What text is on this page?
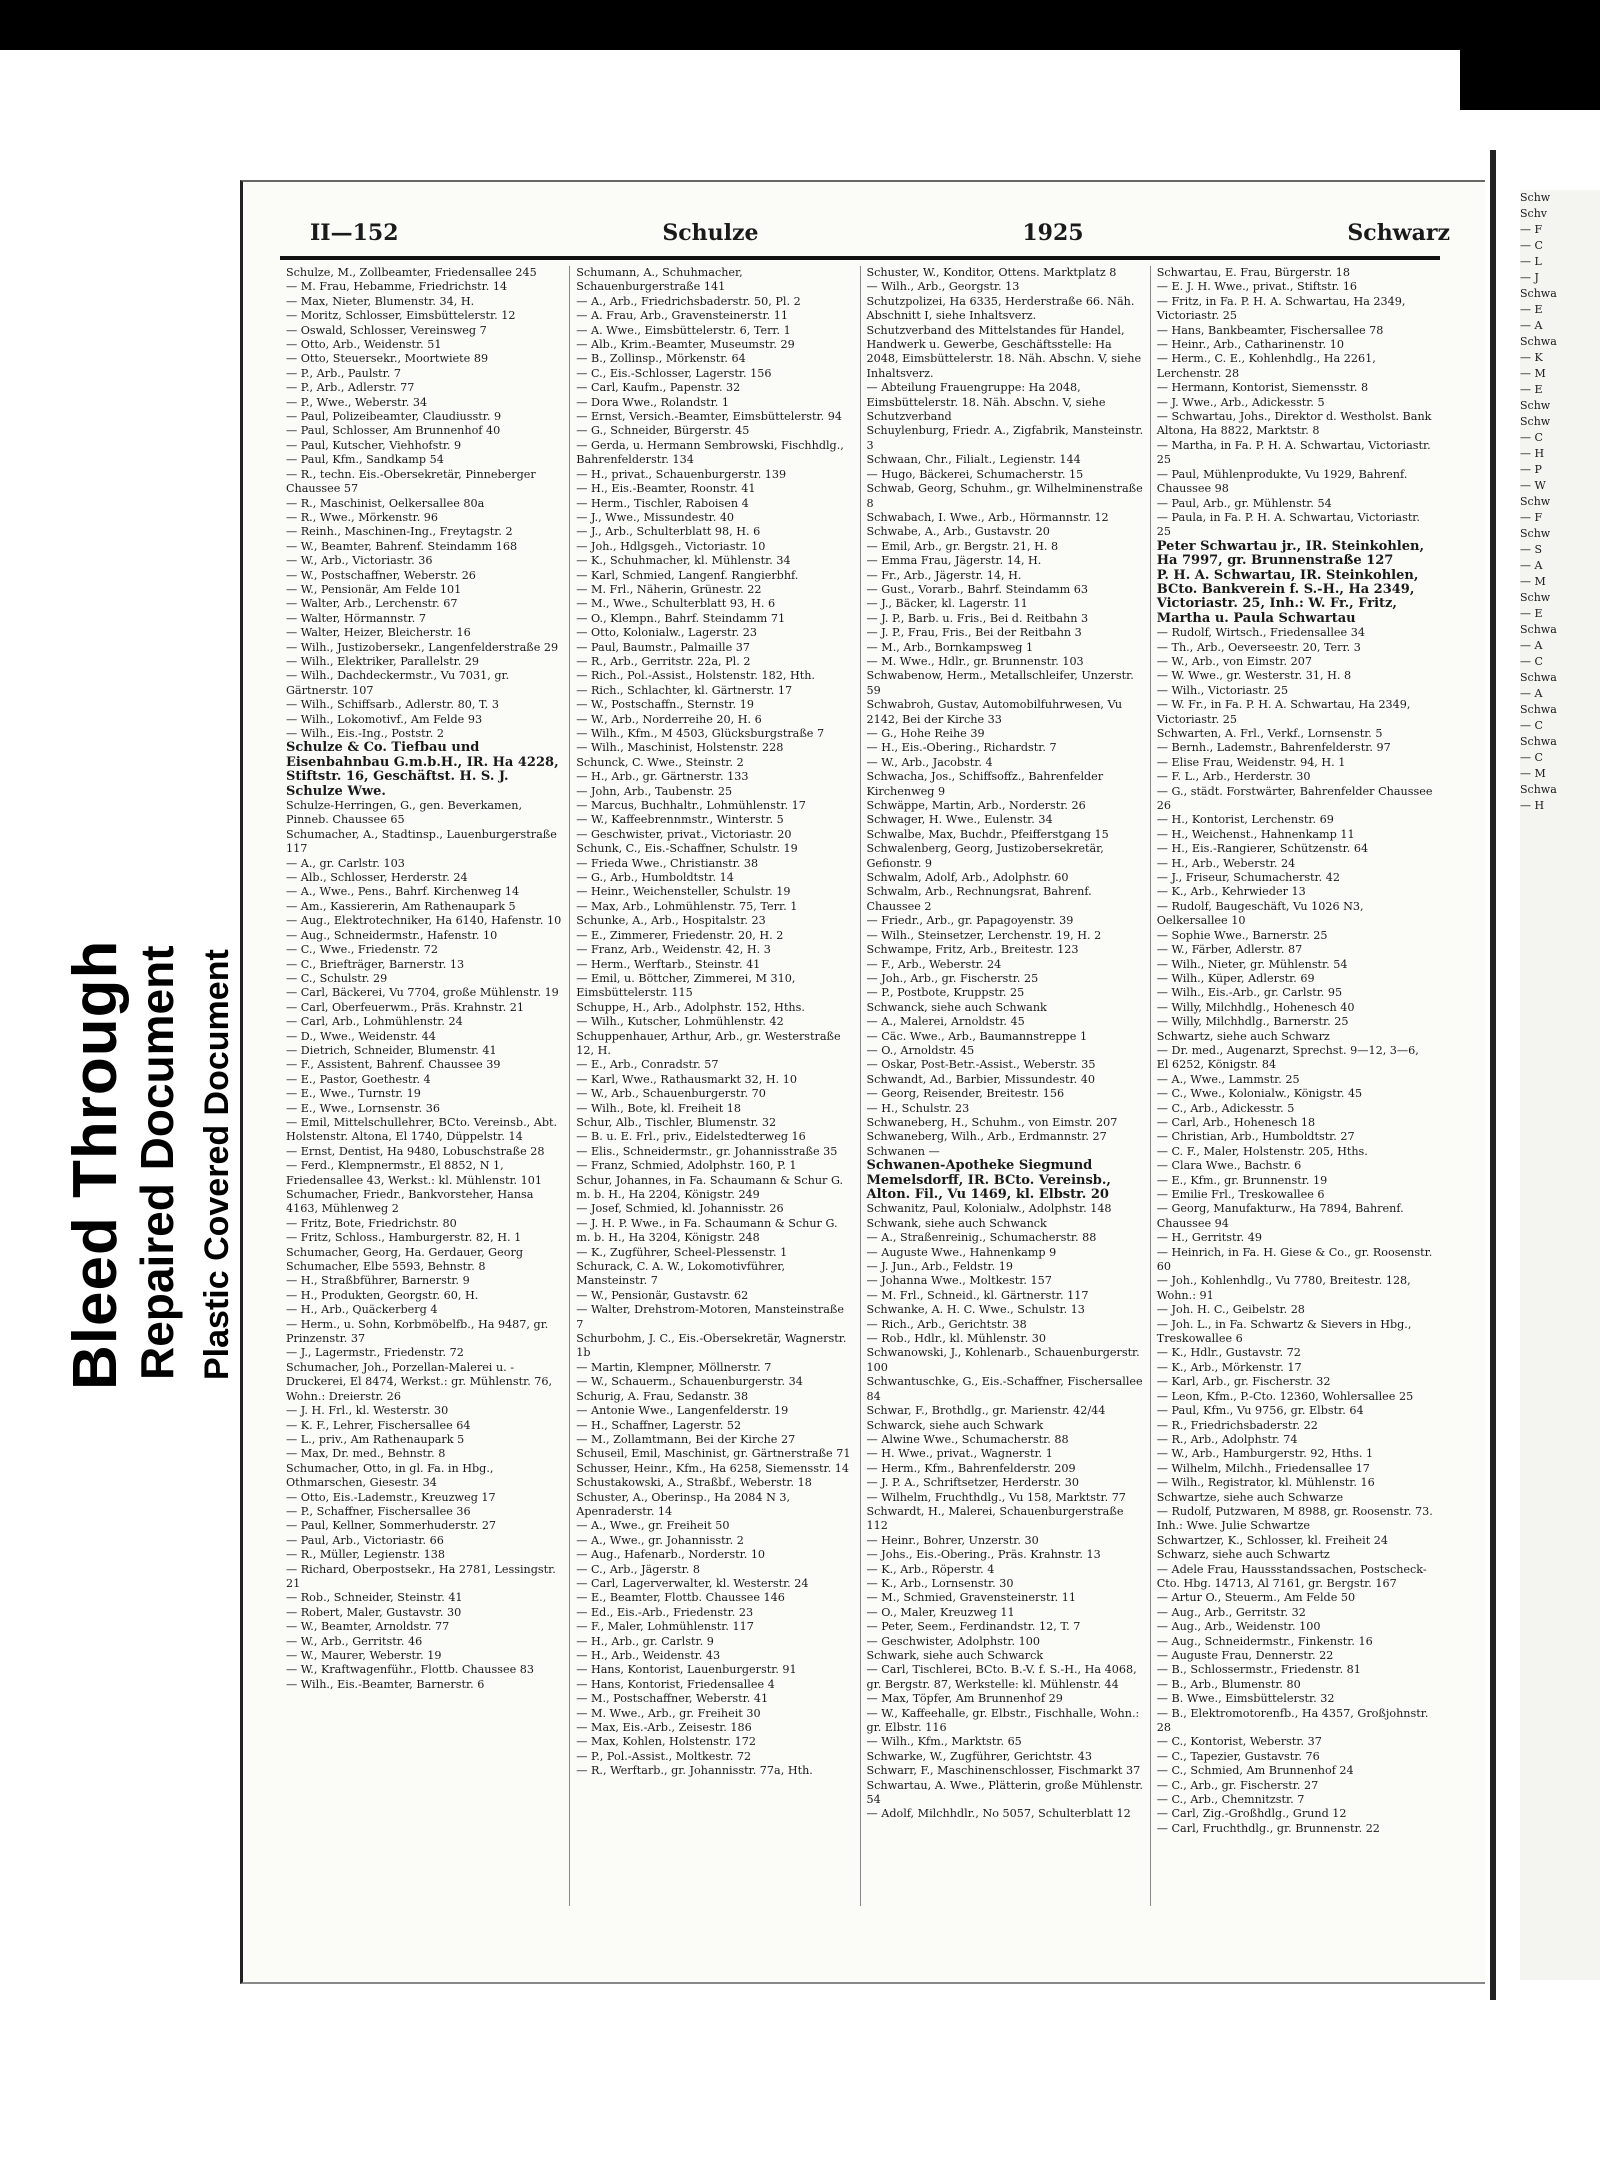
Bleed Through Repaired Document Plastic Covered Document
Schw
Schv
— F
— C
— L
— J
Schwa
— E
— A
Schwa
— K
— M
— E
Schw
Schw
— C
— H
— P
— W
Schw
— F
Schw
— S
— A
— M
Schw
— E
Schwa
— A
— C
Schwa
— A
Schwa
— C
Schwa
— C
— M
Schwa
— H
II—152	Schulze	1925	Schwarz
Schulze, M., Zollbeamter, Friedensallee 245
— M. Frau, Hebamme, Friedrichstr. 14
— Max, Nieter, Blumenstr. 34, H.
— Moritz, Schlosser, Eimsbüttelerstr. 12
— Oswald, Schlosser, Vereinsweg 7
— Otto, Arb., Weidenstr. 51
— Otto, Steuersekr., Moortwiete 89
— P., Arb., Paulstr. 7
— P., Arb., Adlerstr. 77
— P., Wwe., Weberstr. 34
— Paul, Polizeibeamter, Claudiusstr. 9
— Paul, Schlosser, Am Brunnenhof 40
— Paul, Kutscher, Viehhofstr. 9
— Paul, Kfm., Sandkamp 54
— R., techn. Eis.-Obersekretär, Pinneberger Chaussee 57
— R., Maschinist, Oelkersallee 80a
— R., Wwe., Mörkenstr. 96
— Reinh., Maschinen-Ing., Freytagstr. 2
— W., Beamter, Bahrenf. Steindamm 168
— W., Arb., Victoriastr. 36
— W., Postschaffner, Weberstr. 26
— W., Pensionär, Am Felde 101
— Walter, Arb., Lerchenstr. 67
— Walter, Hörmannstr. 7
— Walter, Heizer, Bleicherstr. 16
— Wilh., Justizobersekr., Langenfelderstraße 29
— Wilh., Elektriker, Parallelstr. 29
— Wilh., Dachdeckermstr., Vu 7031, gr. Gärtnerstr. 107
— Wilh., Schiffsarb., Adlerstr. 80, T. 3
— Wilh., Lokomotivf., Am Felde 93
— Wilh., Eis.-Ing., Poststr. 2
Schulze & Co. Tiefbau und Eisenbahnbau G.m.b.H., IR. Ha 4228, Stiftstr. 16, Geschäftst. H. S. J. Schulze Wwe.
Schulze-Herringen, G., gen. Beverkamen, Pinneb. Chaussee 65
Schumacher, A., Stadtinsp., Lauenburgerstraße 117
— A., gr. Carlstr. 103
— Alb., Schlosser, Herderstr. 24
— A., Wwe., Pens., Bahrf. Kirchenweg 14
— Am., Kassiererin, Am Rathenaupark 5
— Aug., Elektrotechniker, Ha 6140, Hafenstr. 10
— Aug., Schneidermstr., Hafenstr. 10
— C., Wwe., Friedenstr. 72
— C., Briefträger, Barnerstr. 13
— C., Schulstr. 29
— Carl, Bäckerei, Vu 7704, große Mühlenstr. 19
— Carl, Oberfeuerwm., Präs. Krahnstr. 21
— Carl, Arb., Lohmühlenstr. 24
— D., Wwe., Weidenstr. 44
— Dietrich, Schneider, Blumenstr. 41
— F., Assistent, Bahrenf. Chaussee 39
— E., Pastor, Goethestr. 4
— E., Wwe., Turnstr. 19
— E., Wwe., Lornsenstr. 36
— Emil, Mittelschullehrer, BCto. Vereinsb., Abt. Holstenstr. Altona, El 1740, Düppelstr. 14
— Ernst, Dentist, Ha 9480, Lobuschstraße 28
— Ferd., Klempnermstr., El 8852, N 1, Friedensallee 43, Werkst.: kl. Mühlenstr. 101
Schumacher, Friedr., Bankvorsteher, Hansa 4163, Mühlenweg 2
— Fritz, Bote, Friedrichstr. 80
— Fritz, Schloss., Hamburgerstr. 82, H. 1
Schumacher, Georg, Ha. Gerdauer, Georg Schumacher, Elbe 5593, Behnstr. 8
— H., Straßbführer, Barnerstr. 9
— H., Produkten, Georgstr. 60, H.
— H., Arb., Quäckerberg 4
— Herm., u. Sohn, Korbmöbelfb., Ha 9487, gr. Prinzenstr. 37
— J., Lagermstr., Friedenstr. 72
Schumacher, Joh., Porzellan-Malerei u. -Druckerei, El 8474, Werkst.: gr. Mühlenstr. 76, Wohn.: Dreierstr. 26
— J. H. Frl., kl. Westerstr. 30
— K. F., Lehrer, Fischersallee 64
— L., priv., Am Rathenaupark 5
— Max, Dr. med., Behnstr. 8
Schumacher, Otto, in gl. Fa. in Hbg., Othmarschen, Giesestr. 34
— Otto, Eis.-Lademstr., Kreuzweg 17
— P., Schaffner, Fischersallee 36
— Paul, Kellner, Sommerhuderstr. 27
— Paul, Arb., Victoriastr. 66
— R., Müller, Legienstr. 138
— Richard, Oberpostsekr., Ha 2781, Lessingstr. 21
— Rob., Schneider, Steinstr. 41
— Robert, Maler, Gustavstr. 30
— W., Beamter, Arnoldstr. 77
— W., Arb., Gerritstr. 46
— W., Maurer, Weberstr. 19
— W., Kraftwagenführ., Flottb. Chaussee 83
— Wilh., Eis.-Beamter, Barnerstr. 6
Schumann, A., Schuhmacher, Schauenburgerstraße 141
— A., Arb., Friedrichsbaderstr. 50, Pl. 2
— A. Frau, Arb., Gravensteinerstr. 11
— A. Wwe., Eimsbüttelerstr. 6, Terr. 1
— Alb., Krim.-Beamter, Museumstr. 29
— B., Zollinsp., Mörkenstr. 64
— C., Eis.-Schlosser, Lagerstr. 156
— Carl, Kaufm., Papenstr. 32
— Dora Wwe., Rolandstr. 1
— Ernst, Versich.-Beamter, Eimsbüttelerstr. 94
— G., Schneider, Bürgerstr. 45
— Gerda, u. Hermann Sembrowski, Fischhdlg., Bahrenfelderstr. 134
— H., privat., Schauenburgerstr. 139
— H., Eis.-Beamter, Roonstr. 41
— Herm., Tischler, Raboisen 4
— J., Wwe., Missundestr. 40
— J., Arb., Schulterblatt 98, H. 6
— Joh., Hdlgsgeh., Victoriastr. 10
— K., Schuhmacher, kl. Mühlenstr. 34
— Karl, Schmied, Langenf. Rangierbhf.
— M. Frl., Näherin, Grünestr. 22
— M., Wwe., Schulterblatt 93, H. 6
— O., Klempn., Bahrf. Steindamm 71
— Otto, Kolonialw., Lagerstr. 23
— Paul, Baumstr., Palmaille 37
— R., Arb., Gerritstr. 22a, Pl. 2
— Rich., Pol.-Assist., Holstenstr. 182, Hth.
— Rich., Schlachter, kl. Gärtnerstr. 17
— W., Postschaffn., Sternstr. 19
— W., Arb., Norderreihe 20, H. 6
— Wilh., Kfm., M 4503, Glücksburgstraße 7
— Wilh., Maschinist, Holstenstr. 228
Schunck, C. Wwe., Steinstr. 2
— H., Arb., gr. Gärtnerstr. 133
— John, Arb., Taubenstr. 25
— Marcus, Buchhaltr., Lohmühlenstr. 17
— W., Kaffeebrennmstr., Winterstr. 5
— Geschwister, privat., Victoriastr. 20
Schunk, C., Eis.-Schaffner, Schulstr. 19
— Frieda Wwe., Christianstr. 38
— G., Arb., Humboldtstr. 14
— Heinr., Weichensteller, Schulstr. 19
— Max, Arb., Lohmühlenstr. 75, Terr. 1
Schunke, A., Arb., Hospitalstr. 23
— E., Zimmerer, Friedenstr. 20, H. 2
— Franz, Arb., Weidenstr. 42, H. 3
— Herm., Werftarb., Steinstr. 41
— Emil, u. Böttcher, Zimmerei, M 310, Eimsbüttelerstr. 115
Schuppe, H., Arb., Adolphstr. 152, Hths.
— Wilh., Kutscher, Lohmühlenstr. 42
Schuppenhauer, Arthur, Arb., gr. Westerstraße 12, H.
— E., Arb., Conradstr. 57
— Karl, Wwe., Rathausmarkt 32, H. 10
— W., Arb., Schauenburgerstr. 70
— Wilh., Bote, kl. Freiheit 18
Schur, Alb., Tischler, Blumenstr. 32
— B. u. E. Frl., priv., Eidelstedterweg 16
— Elis., Schneidermstr., gr. Johannisstraße 35
— Franz, Schmied, Adolphstr. 160, P. 1
Schur, Johannes, in Fa. Schaumann & Schur G. m. b. H., Ha 2204, Königstr. 249
— Josef, Schmied, kl. Johannisstr. 26
— J. H. P. Wwe., in Fa. Schaumann & Schur G. m. b. H., Ha 3204, Königstr. 248
— K., Zugführer, Scheel-Plessenstr. 1
Schurack, C. A. W., Lokomotivführer, Mansteinstr. 7
— W., Pensionär, Gustavstr. 62
— Walter, Drehstrom-Motoren, Mansteinstraße 7
Schurbohm, J. C., Eis.-Obersekretär, Wagnerstr. 1b
— Martin, Klempner, Möllnerstr. 7
— W., Schauerm., Schauenburgerstr. 34
Schurig, A. Frau, Sedanstr. 38
— Antonie Wwe., Langenfelderstr. 19
— H., Schaffner, Lagerstr. 52
— M., Zollamtmann, Bei der Kirche 27
Schuseil, Emil, Maschinist, gr. Gärtnerstraße 71
Schusser, Heinr., Kfm., Ha 6258, Siemensstr. 14
Schustakowski, A., Straßbf., Weberstr. 18
Schuster, A., Oberinsp., Ha 2084 N 3, Apenraderstr. 14
— A., Wwe., gr. Freiheit 50
— A., Wwe., gr. Johannisstr. 2
— Aug., Hafenarb., Norderstr. 10
— C., Arb., Jägerstr. 8
— Carl, Lagerverwalter, kl. Westerstr. 24
— E., Beamter, Flottb. Chaussee 146
— Ed., Eis.-Arb., Friedenstr. 23
— F., Maler, Lohmühlenstr. 117
— H., Arb., gr. Carlstr. 9
— H., Arb., Weidenstr. 43
— Hans, Kontorist, Lauenburgerstr. 91
— Hans, Kontorist, Friedensallee 4
— M., Postschaffner, Weberstr. 41
— M. Wwe., Arb., gr. Freiheit 30
— Max, Eis.-Arb., Zeisestr. 186
— Max, Kohlen, Holstenstr. 172
— P., Pol.-Assist., Moltkestr. 72
— R., Werftarb., gr. Johannisstr. 77a, Hth.
Schuster, W., Konditor, Ottens. Marktplatz 8
— Wilh., Arb., Georgstr. 13
Schutzpolizei, Ha 6335, Herderstraße 66. Näh. Abschnitt I, siehe Inhaltsverz.
Schutzverband des Mittelstandes für Handel, Handwerk u. Gewerbe, Geschäftsstelle: Ha 2048, Eimsbüttelerstr. 18. Näh. Abschn. V, siehe Inhaltsverz.
— Abteilung Frauengruppe: Ha 2048, Eimsbüttelerstr. 18. Näh. Abschn. V, siehe Schutzverband
Schuylenburg, Friedr. A., Zigfabrik, Mansteinstr. 3
Schwaan, Chr., Filialt., Legienstr. 144
— Hugo, Bäckerei, Schumacherstr. 15
Schwab, Georg, Schuhm., gr. Wilhelminenstraße 8
Schwabach, I. Wwe., Arb., Hörmannstr. 12
Schwabe, A., Arb., Gustavstr. 20
— Emil, Arb., gr. Bergstr. 21, H. 8
— Emma Frau, Jägerstr. 14, H.
— Fr., Arb., Jägerstr. 14, H.
— Gust., Vorarb., Bahrf. Steindamm 63
— J., Bäcker, kl. Lagerstr. 11
— J. P., Barb. u. Fris., Bei d. Reitbahn 3
— J. P., Frau, Fris., Bei der Reitbahn 3
— M., Arb., Bornkampsweg 1
— M. Wwe., Hdlr., gr. Brunnenstr. 103
Schwabenow, Herm., Metallschleifer, Unzerstr. 59
Schwabroh, Gustav, Automobilfuhrwesen, Vu 2142, Bei der Kirche 33
— G., Hohe Reihe 39
— H., Eis.-Obering., Richardstr. 7
— W., Arb., Jacobstr. 4
Schwacha, Jos., Schiffsoffz., Bahrenfelder Kirchenweg 9
Schwäppe, Martin, Arb., Norderstr. 26
Schwager, H. Wwe., Eulenstr. 34
Schwalbe, Max, Buchdr., Pfeifferstgang 15
Schwalenberg, Georg, Justizobersekretär, Gefionstr. 9
Schwalm, Adolf, Arb., Adolphstr. 60
Schwalm, Arb., Rechnungsrat, Bahrenf. Chaussee 2
— Friedr., Arb., gr. Papagoyenstr. 39
— Wilh., Steinsetzer, Lerchenstr. 19, H. 2
Schwampe, Fritz, Arb., Breitestr. 123
— F., Arb., Weberstr. 24
— Joh., Arb., gr. Fischerstr. 25
— P., Postbote, Kruppstr. 25
Schwanck, siehe auch Schwank
— A., Malerei, Arnoldstr. 45
— Cäc. Wwe., Arb., Baumannstreppe 1
— O., Arnoldstr. 45
— Oskar, Post-Betr.-Assist., Weberstr. 35
Schwandt, Ad., Barbier, Missundestr. 40
— Georg, Reisender, Breitestr. 156
— H., Schulstr. 23
Schwaneberg, H., Schuhm., von Eimstr. 207
Schwaneberg, Wilh., Arb., Erdmannstr. 27
Schwanen —
Schwanen-Apotheke Siegmund Memelsdorff, IR. BCto. Vereinsb., Alton. Fil., Vu 1469, kl. Elbstr. 20
Schwanitz, Paul, Kolonialw., Adolphstr. 148
Schwank, siehe auch Schwanck
— A., Straßenreinig., Schumacherstr. 88
— Auguste Wwe., Hahnenkamp 9
— J. Jun., Arb., Feldstr. 19
— Johanna Wwe., Moltkestr. 157
— M. Frl., Schneid., kl. Gärtnerstr. 117
Schwanke, A. H. C. Wwe., Schulstr. 13
— Rich., Arb., Gerichtstr. 38
— Rob., Hdlr., kl. Mühlenstr. 30
Schwanowski, J., Kohlenarb., Schauenburgerstr. 100
Schwantuschke, G., Eis.-Schaffner, Fischersallee 84
Schwar, F., Brothdlg., gr. Marienstr. 42/44
Schwarck, siehe auch Schwark
— Alwine Wwe., Schumacherstr. 88
— H. Wwe., privat., Wagnerstr. 1
— Herm., Kfm., Bahrenfelderstr. 209
— J. P. A., Schriftsetzer, Herderstr. 30
— Wilhelm, Fruchthdlg., Vu 158, Marktstr. 77
Schwardt, H., Malerei, Schauenburgerstraße 112
— Heinr., Bohrer, Unzerstr. 30
— Johs., Eis.-Obering., Präs. Krahnstr. 13
— K., Arb., Röperstr. 4
— K., Arb., Lornsenstr. 30
— M., Schmied, Gravensteinerstr. 11
— O., Maler, Kreuzweg 11
— Peter, Seem., Ferdinandstr. 12, T. 7
— Geschwister, Adolphstr. 100
Schwark, siehe auch Schwarck
— Carl, Tischlerei, BCto. B.-V. f. S.-H., Ha 4068, gr. Bergstr. 87, Werkstelle: kl. Mühlenstr. 44
— Max, Töpfer, Am Brunnenhof 29
— W., Kaffeehalle, gr. Elbstr., Fischhalle, Wohn.: gr. Elbstr. 116
— Wilh., Kfm., Marktstr. 65
Schwarke, W., Zugführer, Gerichtstr. 43
Schwarr, F., Maschinenschlosser, Fischmarkt 37
Schwartau, A. Wwe., Plätterin, große Mühlenstr. 54
— Adolf, Milchhdlr., No 5057, Schulterblatt 12
Schwartau, E. Frau, Bürgerstr. 18
— E. J. H. Wwe., privat., Stiftstr. 16
— Fritz, in Fa. P. H. A. Schwartau, Ha 2349, Victoriastr. 25
— Hans, Bankbeamter, Fischersallee 78
— Heinr., Arb., Catharinenstr. 10
— Herm., C. E., Kohlenhdlg., Ha 2261, Lerchenstr. 28
— Hermann, Kontorist, Siemensstr. 8
— J. Wwe., Arb., Adickesstr. 5
— Schwartau, Johs., Direktor d. Westholst. Bank Altona, Ha 8822, Marktstr. 8
— Martha, in Fa. P. H. A. Schwartau, Victoriastr. 25
— Paul, Mühlenprodukte, Vu 1929, Bahrenf. Chaussee 98
— Paul, Arb., gr. Mühlenstr. 54
— Paula, in Fa. P. H. A. Schwartau, Victoriastr. 25
Peter Schwartau jr., IR. Steinkohlen, Ha 7997, gr. Brunnenstraße 127
P. H. A. Schwartau, IR. Steinkohlen, BCto. Bankverein f. S.-H., Ha 2349, Victoriastr. 25, Inh.: W. Fr., Fritz, Martha u. Paula Schwartau
— Rudolf, Wirtsch., Friedensallee 34
— Th., Arb., Oeverseestr. 20, Terr. 3
— W., Arb., von Eimstr. 207
— W. Wwe., gr. Westerstr. 31, H. 8
— Wilh., Victoriastr. 25
— W. Fr., in Fa. P. H. A. Schwartau, Ha 2349, Victoriastr. 25
Schwarten, A. Frl., Verkf., Lornsenstr. 5
— Bernh., Lademstr., Bahrenfelderstr. 97
— Elise Frau, Weidenstr. 94, H. 1
— F. L., Arb., Herderstr. 30
— G., städt. Forstwärter, Bahrenfelder Chaussee 26
— H., Kontorist, Lerchenstr. 69
— H., Weichenst., Hahnenkamp 11
— H., Eis.-Rangierer, Schützenstr. 64
— H., Arb., Weberstr. 24
— J., Friseur, Schumacherstr. 42
— K., Arb., Kehrwieder 13
— Rudolf, Baugeschäft, Vu 1026 N3, Oelkersallee 10
— Sophie Wwe., Barnerstr. 25
— W., Färber, Adlerstr. 87
— Wilh., Nieter, gr. Mühlenstr. 54
— Wilh., Küper, Adlerstr. 69
— Wilh., Eis.-Arb., gr. Carlstr. 95
— Willy, Milchhdlg., Hohenesch 40
— Willy, Milchhdlg., Barnerstr. 25
Schwartz, siehe auch Schwarz
— Dr. med., Augenarzt, Sprechst. 9—12, 3—6, El 6252, Königstr. 84
— A., Wwe., Lammstr. 25
— C., Wwe., Kolonialw., Königstr. 45
— C., Arb., Adickesstr. 5
— Carl, Arb., Hohenesch 18
— Christian, Arb., Humboldtstr. 27
— C. F., Maler, Holstenstr. 205, Hths.
— Clara Wwe., Bachstr. 6
— E., Kfm., gr. Brunnenstr. 19
— Emilie Frl., Treskowallee 6
— Georg, Manufakturw., Ha 7894, Bahrenf. Chaussee 94
— H., Gerritstr. 49
— Heinrich, in Fa. H. Giese & Co., gr. Roosenstr. 60
— Joh., Kohlenhdlg., Vu 7780, Breitestr. 128, Wohn.: 91
— Joh. H. C., Geibelstr. 28
— Joh. L., in Fa. Schwartz & Sievers in Hbg., Treskowallee 6
— K., Hdlr., Gustavstr. 72
— K., Arb., Mörkenstr. 17
— Karl, Arb., gr. Fischerstr. 32
— Leon, Kfm., P.-Cto. 12360, Wohlersallee 25
— Paul, Kfm., Vu 9756, gr. Elbstr. 64
— R., Friedrichsbaderstr. 22
— R., Arb., Adolphstr. 74
— W., Arb., Hamburgerstr. 92, Hths. 1
— Wilhelm, Milchh., Friedensallee 17
— Wilh., Registrator, kl. Mühlenstr. 16
Schwartze, siehe auch Schwarze
— Rudolf, Putzwaren, M 8988, gr. Roosenstr. 73. Inh.: Wwe. Julie Schwartze
Schwartzer, K., Schlosser, kl. Freiheit 24
Schwarz, siehe auch Schwartz
— Adele Frau, Haussstandssachen, Postscheck-Cto. Hbg. 14713, Al 7161, gr. Bergstr. 167
— Artur O., Steuerm., Am Felde 50
— Aug., Arb., Gerritstr. 32
— Aug., Arb., Weidenstr. 100
— Aug., Schneidermstr., Finkenstr. 16
— Auguste Frau, Dennerstr. 22
— B., Schlossermstr., Friedenstr. 81
— B., Arb., Blumenstr. 80
— B. Wwe., Eimsbüttelerstr. 32
— B., Elektromotorenfb., Ha 4357, Großjohnstr. 28
— C., Kontorist, Weberstr. 37
— C., Tapezier, Gustavstr. 76
— C., Schmied, Am Brunnenhof 24
— C., Arb., gr. Fischerstr. 27
— C., Arb., Chemnitzstr. 7
— Carl, Zig.-Großhdlg., Grund 12
— Carl, Fruchthdlg., gr. Brunnenstr. 22
